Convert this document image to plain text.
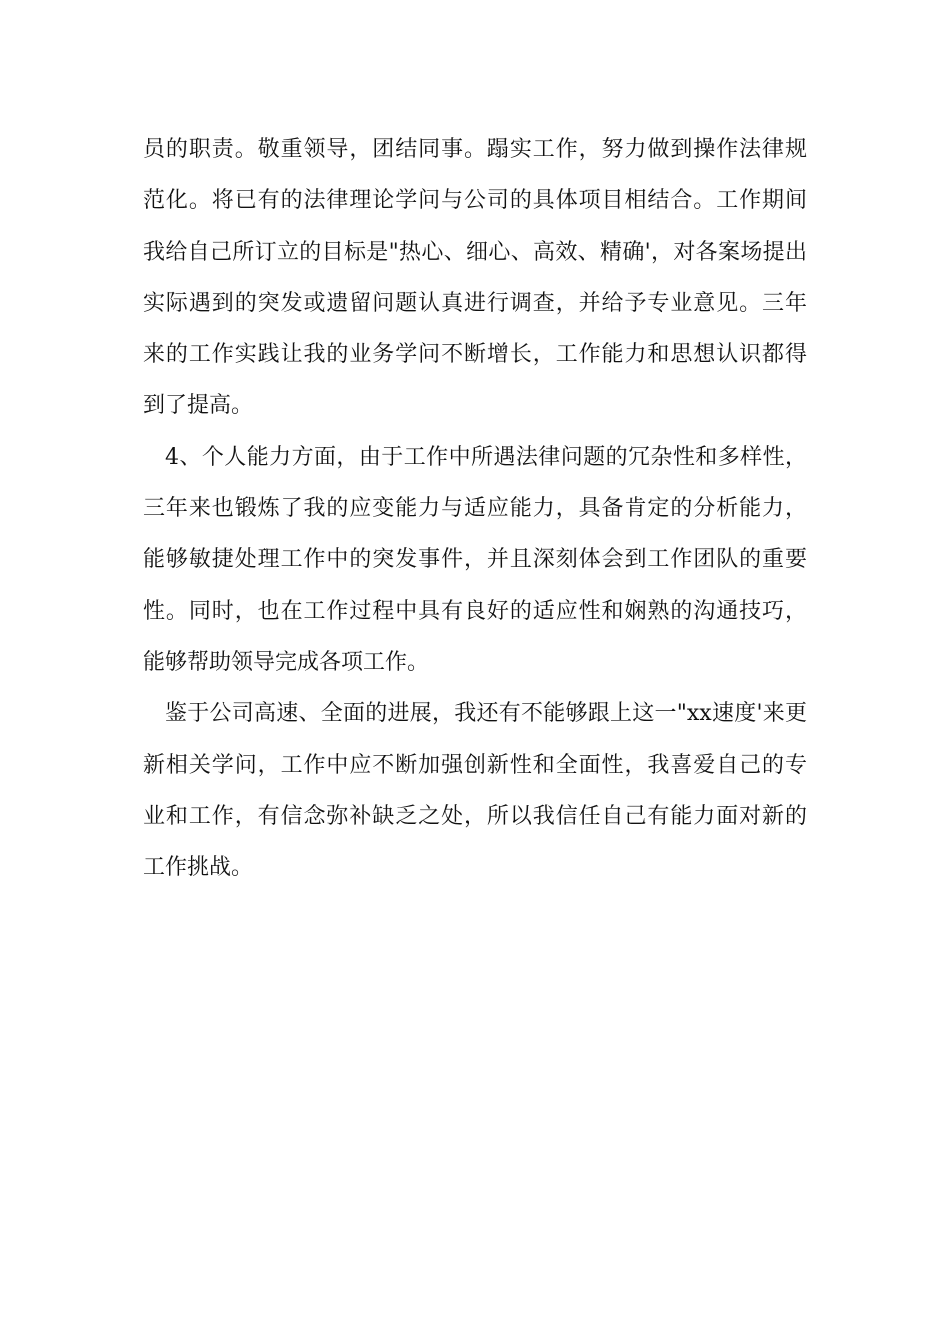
员的职责。敬重领导，团结同事。蹋实工作，努力做到操作法律规
范化。将已有的法律理论学问与公司的具体项目相结合。工作期间
我给自己所订立的目标是"热心、细心、高效、精确'，对各案场提出
实际遇到的突发或遗留问题认真进行调查，并给予专业意见。三年
来的工作实践让我的业务学问不断增长，工作能力和思想认识都得
到了提高。
4、个人能力方面，由于工作中所遇法律问题的冗杂性和多样性，
三年来也锻炼了我的应变能力与适应能力，具备肯定的分析能力，
能够敏捷处理工作中的突发事件，并且深刻体会到工作团队的重要
性。同时，也在工作过程中具有良好的适应性和娴熟的沟通技巧，
能够帮助领导完成各项工作。
鉴于公司高速、全面的进展，我还有不能够跟上这一"xx速度'来更
新相关学问，工作中应不断加强创新性和全面性，我喜爱自己的专
业和工作，有信念弥补缺乏之处，所以我信任自己有能力面对新的
工作挑战。
